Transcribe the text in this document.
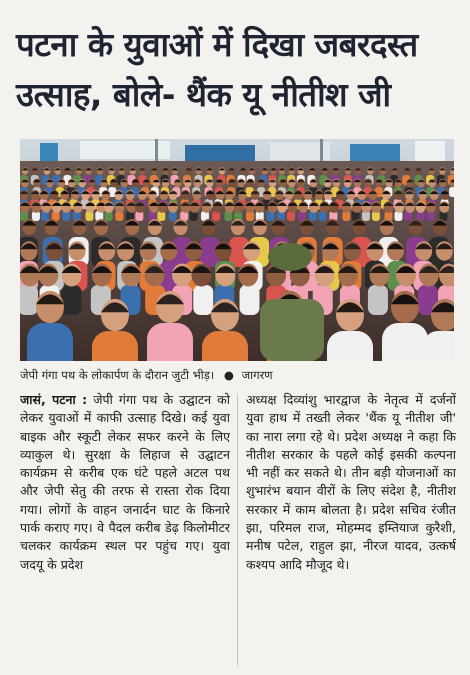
पटना के युवाओं में दिखा जबरदस्त
उत्साह, बोले- थैंक यू नीतीश जी
जेपी गंगा पथ के लोकार्पण के दौरान जुटी भीड़। ● जागरण
जासं, पटना : जेपी गंगा पथ के उद्घाटन को लेकर युवाओं में काफी उत्साह दिखे। कई युवा बाइक और स्कूटी लेकर सफर करने के लिए व्याकुल थे। सुरक्षा के लिहाज से उद्घाटन कार्यक्रम से करीब एक घंटे पहले अटल पथ और जेपी सेतु की तरफ से रास्ता रोक दिया गया। लोगों के वाहन जनार्दन घाट के किनारे पार्क कराए गए। वे पैदल करीब डेढ़ किलोमीटर चलकर कार्यक्रम स्थल पर पहुंच गए। युवा जदयू के प्रदेश
अध्यक्ष दिव्यांशु भारद्वाज के नेतृत्व में दर्जनों युवा हाथ में तख्ती लेकर 'थैंक यू नीतीश जी' का नारा लगा रहे थे। प्रदेश अध्यक्ष ने कहा कि नीतीश सरकार के पहले कोई इसकी कल्पना भी नहीं कर सकते थे। तीन बड़ी योजनाओं का शुभारंभ बयान वीरों के लिए संदेश है, नीतीश सरकार में काम बोलता है। प्रदेश सचिव रंजीत झा, परिमल राज, मोहम्मद इम्तियाज कुरैशी, मनीष पटेल, राहुल झा, नीरज यादव, उत्कर्ष कश्यप आदि मौजूद थे।
